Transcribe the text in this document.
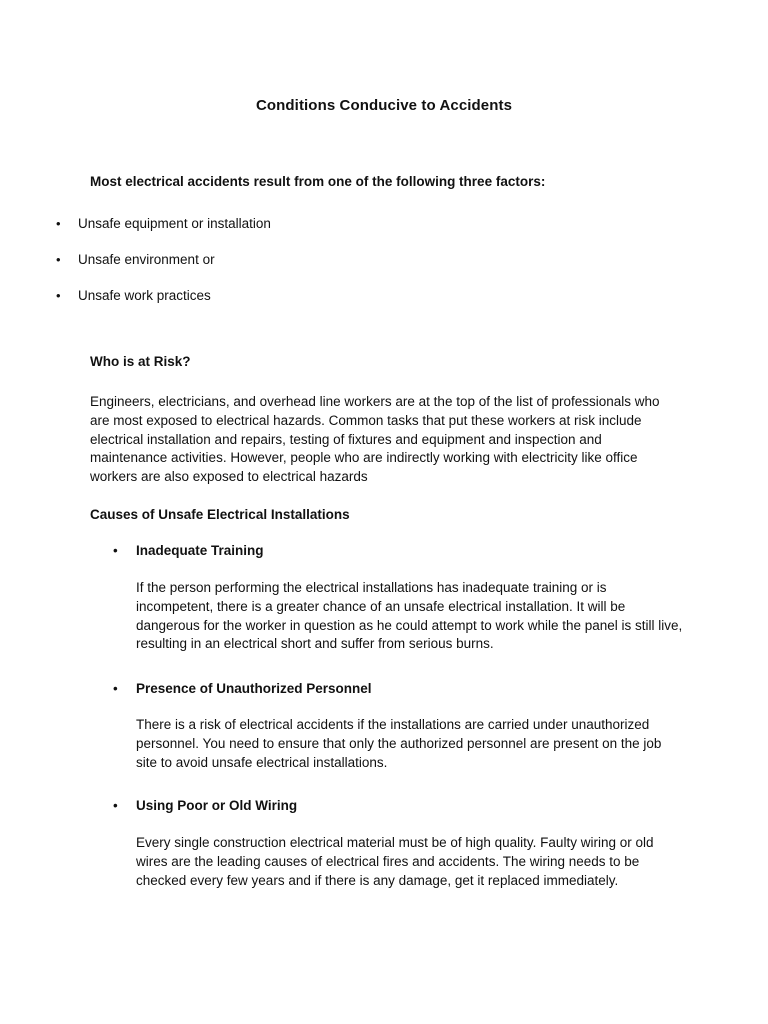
Conditions Conducive to Accidents
Most electrical accidents result from one of the following three factors:
• Unsafe equipment or installation
• Unsafe environment or
• Unsafe work practices
Who is at Risk?

Engineers, electricians, and overhead line workers are at the top of the list of professionals who are most exposed to electrical hazards. Common tasks that put these workers at risk include electrical installation and repairs, testing of fixtures and equipment and inspection and maintenance activities. However, people who are indirectly working with electricity like office workers are also exposed to electrical hazards

Causes of Unsafe Electrical Installations
• Inadequate Training

If the person performing the electrical installations has inadequate training or is incompetent, there is a greater chance of an unsafe electrical installation. It will be dangerous for the worker in question as he could attempt to work while the panel is still live, resulting in an electrical short and suffer from serious burns.

• Presence of Unauthorized Personnel

There is a risk of electrical accidents if the installations are carried under unauthorized personnel. You need to ensure that only the authorized personnel are present on the job site to avoid unsafe electrical installations.

• Using Poor or Old Wiring

Every single construction electrical material must be of high quality. Faulty wiring or old wires are the leading causes of electrical fires and accidents. The wiring needs to be checked every few years and if there is any damage, get it replaced immediately.
